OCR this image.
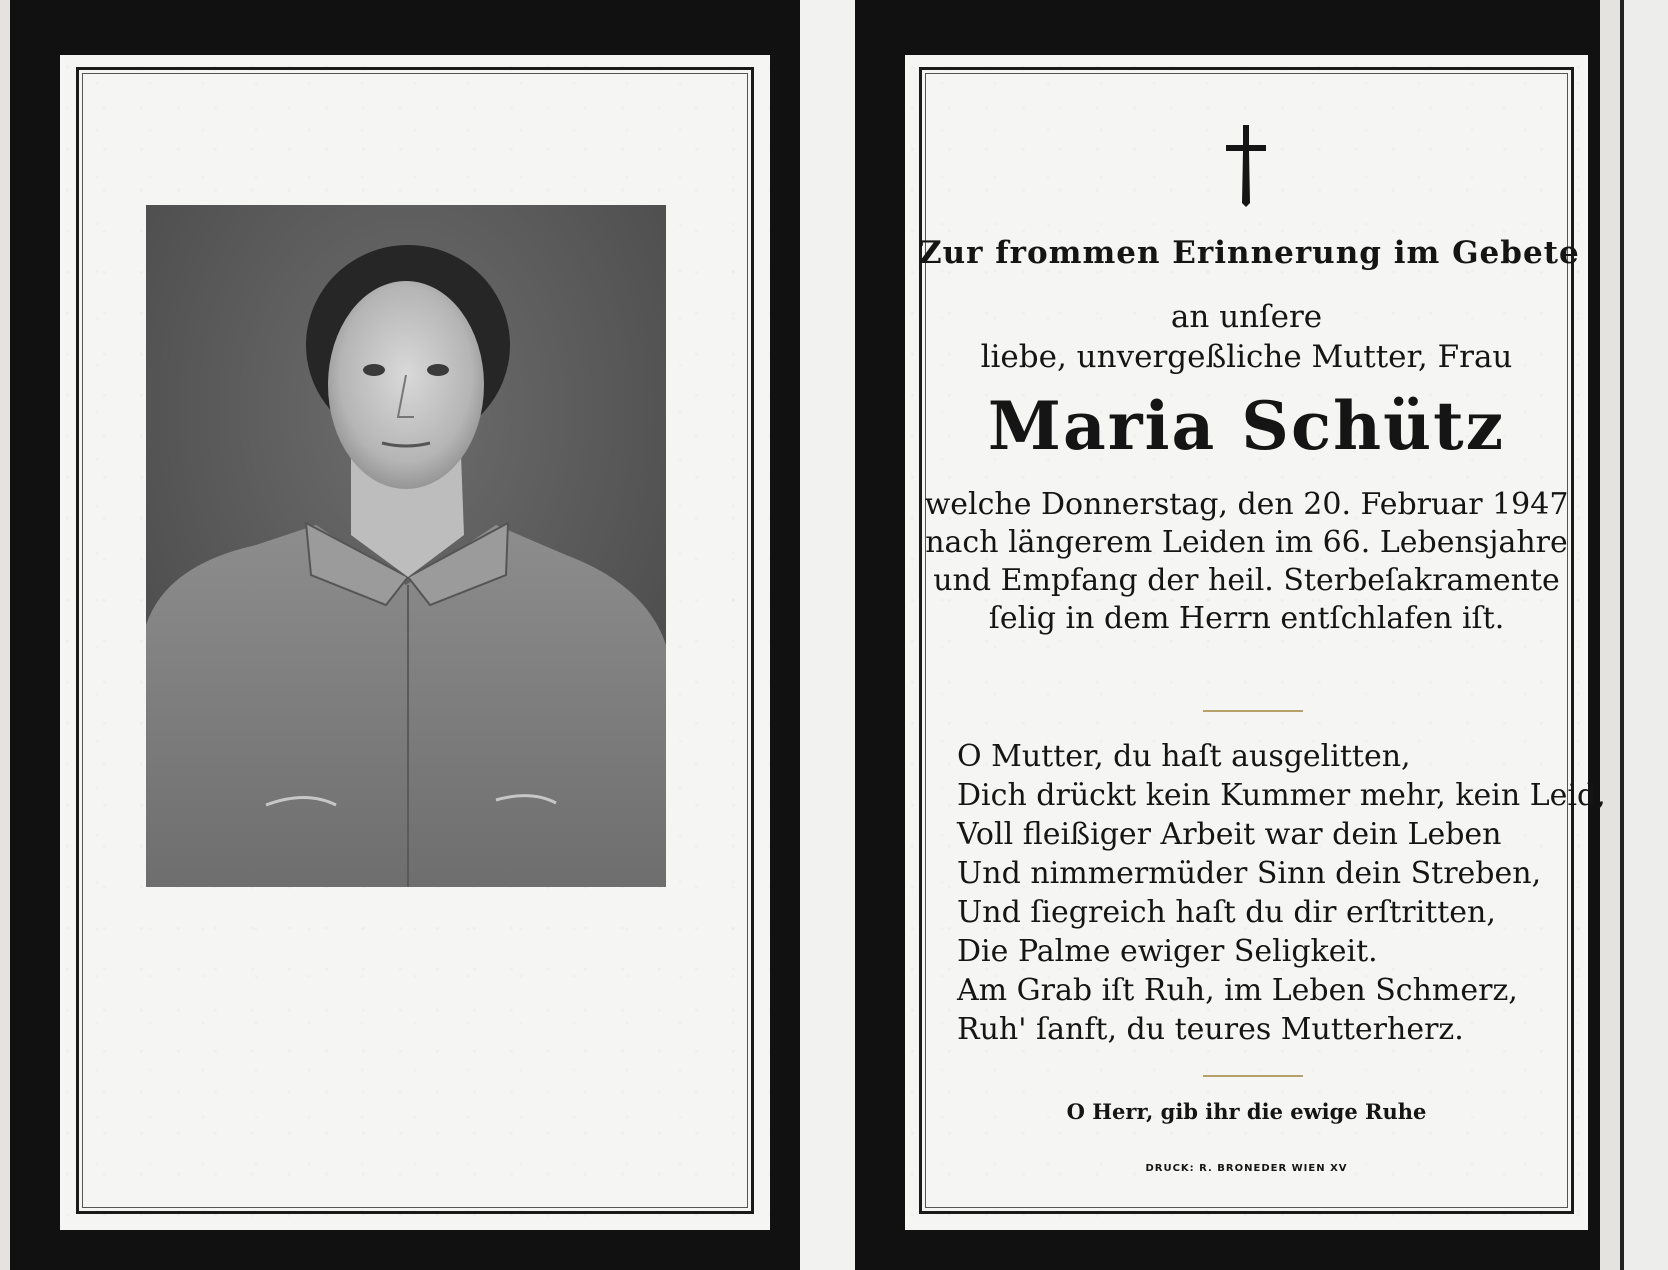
Zur frommen Erinnerung im Gebete
an unſere
liebe, unvergeßliche Mutter, Frau
Maria Schütz
welche Donnerstag, den 20. Februar 1947
nach längerem Leiden im 66. Lebensjahre
und Empfang der heil. Sterbeſakramente
ſelig in dem Herrn entſchlafen iſt.
O Mutter, du haſt ausgelitten,
Dich drückt kein Kummer mehr, kein Leid,
Voll fleißiger Arbeit war dein Leben
Und nimmermüder Sinn dein Streben,
Und ſiegreich haſt du dir erſtritten,
Die Palme ewiger Seligkeit.
Am Grab iſt Ruh, im Leben Schmerz,
Ruh' ſanft, du teures Mutterherz.
O Herr, gib ihr die ewige Ruhe
DRUCK: R. BRONEDER WIEN XV
